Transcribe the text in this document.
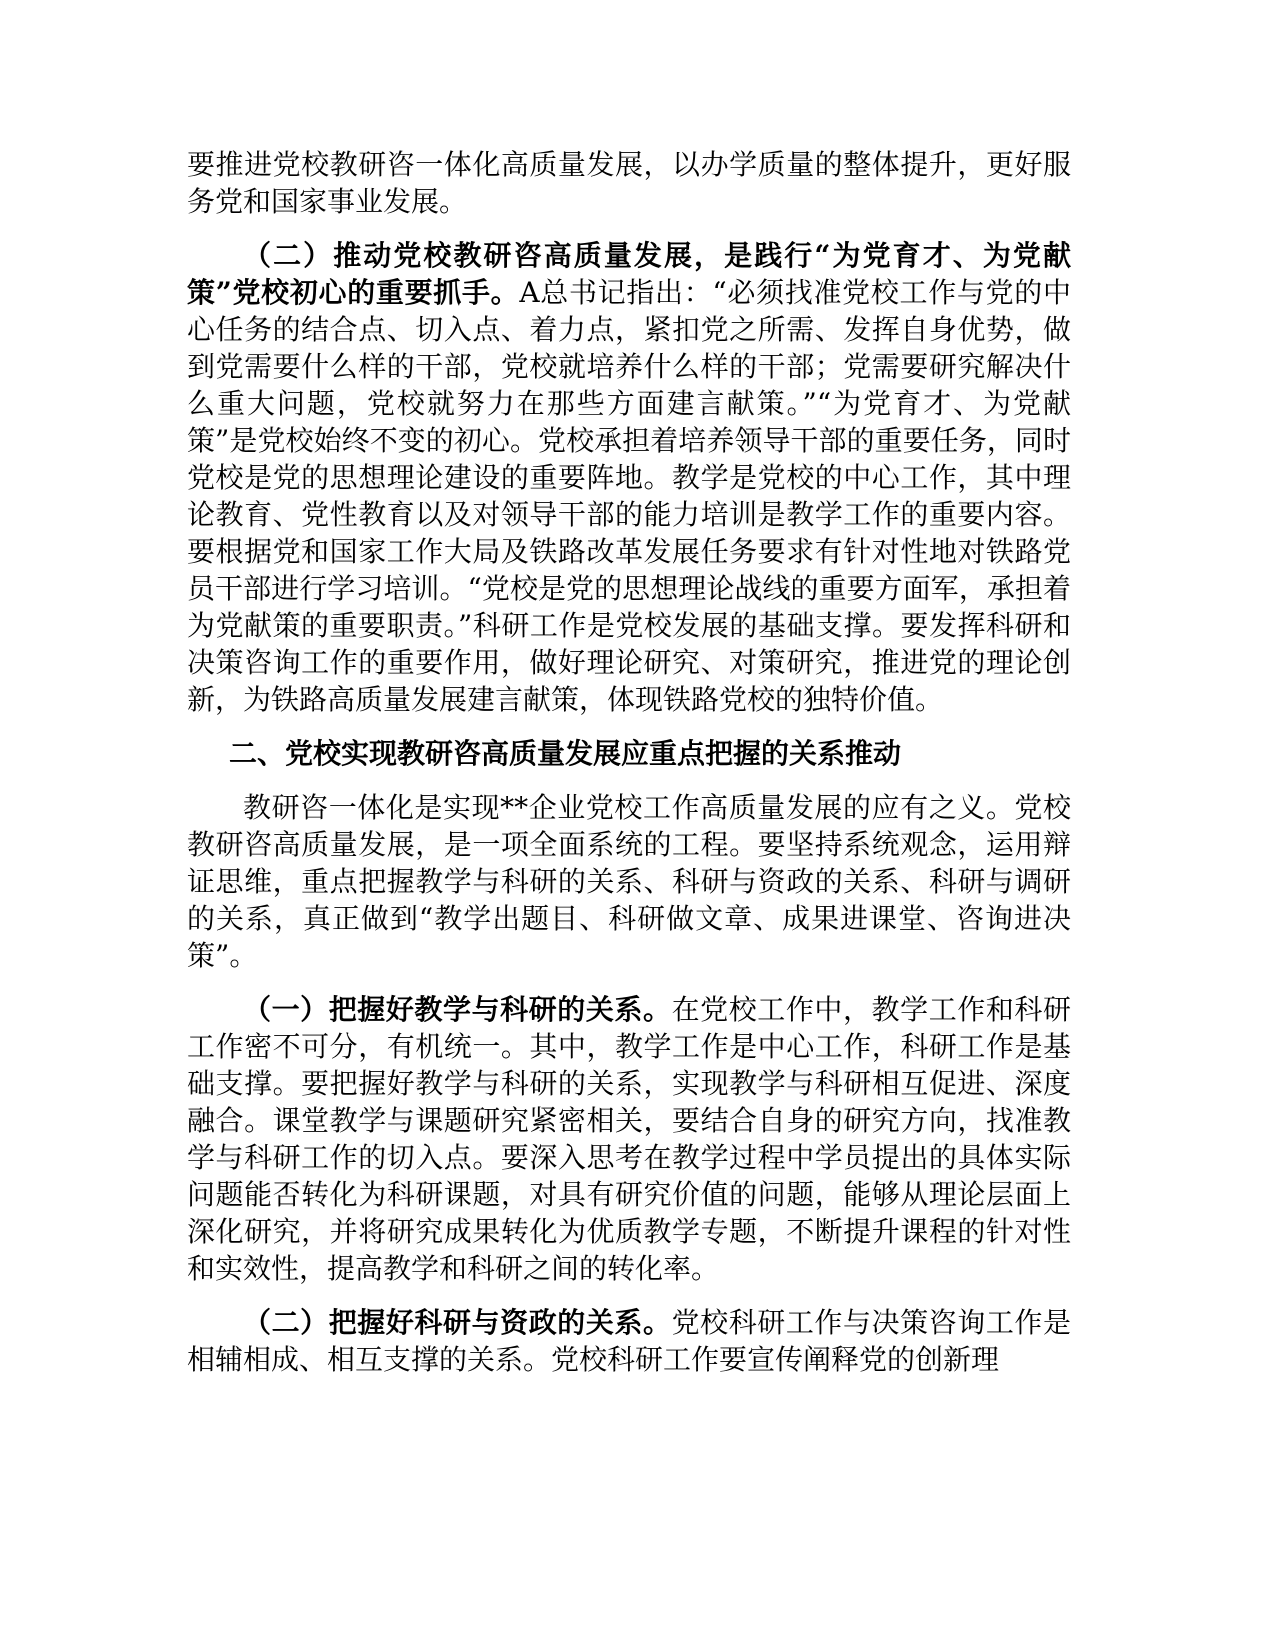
要推进党校教研咨一体化高质量发展，以办学质量的整体提升，更好服务党和国家事业发展。

（二）推动党校教研咨高质量发展，是践行“为党育才、为党献策”党校初心的重要抓手。A总书记指出：“必须找准党校工作与党的中心任务的结合点、切入点、着力点，紧扣党之所需、发挥自身优势，做到党需要什么样的干部，党校就培养什么样的干部；党需要研究解决什么重大问题，党校就努力在那些方面建言献策。”“为党育才、为党献策”是党校始终不变的初心。党校承担着培养领导干部的重要任务，同时党校是党的思想理论建设的重要阵地。教学是党校的中心工作，其中理论教育、党性教育以及对领导干部的能力培训是教学工作的重要内容。要根据党和国家工作大局及铁路改革发展任务要求有针对性地对铁路党员干部进行学习培训。“党校是党的思想理论战线的重要方面军，承担着为党献策的重要职责。”科研工作是党校发展的基础支撑。要发挥科研和决策咨询工作的重要作用，做好理论研究、对策研究，推进党的理论创新，为铁路高质量发展建言献策，体现铁路党校的独特价值。

二、党校实现教研咨高质量发展应重点把握的关系推动

教研咨一体化是实现**企业党校工作高质量发展的应有之义。党校教研咨高质量发展，是一项全面系统的工程。要坚持系统观念，运用辩证思维，重点把握教学与科研的关系、科研与资政的关系、科研与调研的关系，真正做到“教学出题目、科研做文章、成果进课堂、咨询进决策”。

（一）把握好教学与科研的关系。在党校工作中，教学工作和科研工作密不可分，有机统一。其中，教学工作是中心工作，科研工作是基础支撑。要把握好教学与科研的关系，实现教学与科研相互促进、深度融合。课堂教学与课题研究紧密相关，要结合自身的研究方向，找准教学与科研工作的切入点。要深入思考在教学过程中学员提出的具体实际问题能否转化为科研课题，对具有研究价值的问题，能够从理论层面上深化研究，并将研究成果转化为优质教学专题，不断提升课程的针对性和实效性，提高教学和科研之间的转化率。

（二）把握好科研与资政的关系。党校科研工作与决策咨询工作是相辅相成、相互支撑的关系。党校科研工作要宣传阐释党的创新理
